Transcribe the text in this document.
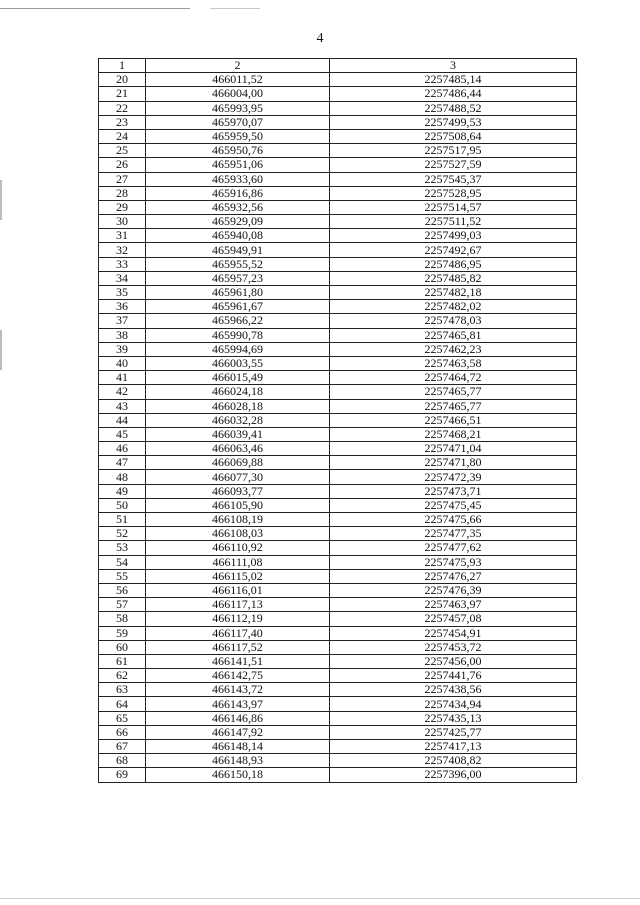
4
1	2	3
20	466011,52	2257485,14
21	466004,00	2257486,44
22	465993,95	2257488,52
23	465970,07	2257499,53
24	465959,50	2257508,64
25	465950,76	2257517,95
26	465951,06	2257527,59
27	465933,60	2257545,37
28	465916,86	2257528,95
29	465932,56	2257514,57
30	465929,09	2257511,52
31	465940,08	2257499,03
32	465949,91	2257492,67
33	465955,52	2257486,95
34	465957,23	2257485,82
35	465961,80	2257482,18
36	465961,67	2257482,02
37	465966,22	2257478,03
38	465990,78	2257465,81
39	465994,69	2257462,23
40	466003,55	2257463,58
41	466015,49	2257464,72
42	466024,18	2257465,77
43	466028,18	2257465,77
44	466032,28	2257466,51
45	466039,41	2257468,21
46	466063,46	2257471,04
47	466069,88	2257471,80
48	466077,30	2257472,39
49	466093,77	2257473,71
50	466105,90	2257475,45
51	466108,19	2257475,66
52	466108,03	2257477,35
53	466110,92	2257477,62
54	466111,08	2257475,93
55	466115,02	2257476,27
56	466116,01	2257476,39
57	466117,13	2257463,97
58	466112,19	2257457,08
59	466117,40	2257454,91
60	466117,52	2257453,72
61	466141,51	2257456,00
62	466142,75	2257441,76
63	466143,72	2257438,56
64	466143,97	2257434,94
65	466146,86	2257435,13
66	466147,92	2257425,77
67	466148,14	2257417,13
68	466148,93	2257408,82
69	466150,18	2257396,00
